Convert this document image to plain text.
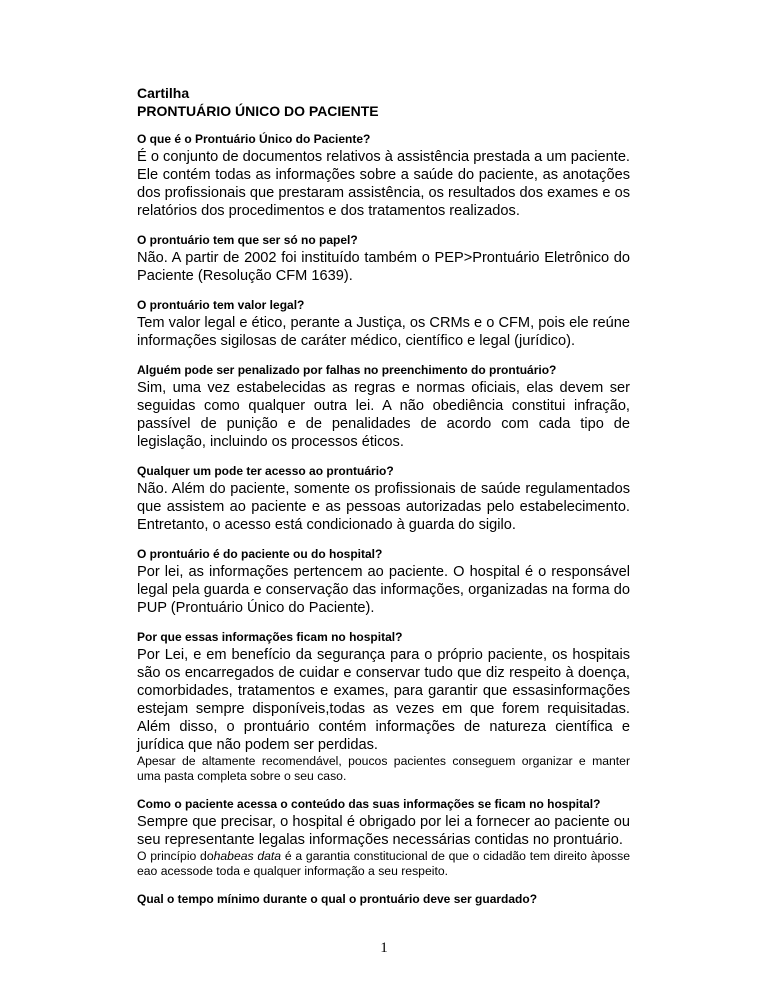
Cartilha
PRONTUÁRIO ÚNICO DO PACIENTE

O que é o Prontuário Único do Paciente?

É o conjunto de documentos relativos à assistência prestada a um paciente. Ele contém todas as informações sobre a saúde do paciente, as anotações dos profissionais que prestaram assistência, os resultados dos exames e os relatórios dos procedimentos e dos tratamentos realizados.

O prontuário tem que ser só no papel?

Não. A partir de 2002 foi instituído também o PEP>Prontuário Eletrônico do Paciente (Resolução CFM 1639).

O prontuário tem valor legal?

Tem valor legal e ético, perante a Justiça, os CRMs e o CFM, pois ele reúne informações sigilosas de caráter médico, científico e legal (jurídico).

Alguém pode ser penalizado por falhas no preenchimento do prontuário?

Sim, uma vez estabelecidas as regras e normas oficiais, elas devem ser seguidas como qualquer outra lei. A não obediência constitui infração, passível de punição e de penalidades de acordo com cada tipo de legislação, incluindo os processos éticos.

Qualquer um pode ter acesso ao prontuário?

Não. Além do paciente, somente os profissionais de saúde regulamentados que assistem ao paciente e as pessoas autorizadas pelo estabelecimento. Entretanto, o acesso está condicionado à guarda do sigilo.

O prontuário é do paciente ou do hospital?

Por lei, as informações pertencem ao paciente. O hospital é o responsável legal pela guarda e conservação das informações, organizadas na forma do PUP (Prontuário Único do Paciente).

Por que essas informações ficam no hospital?

Por Lei, e em benefício da segurança para o próprio paciente, os hospitais são os encarregados de cuidar e conservar tudo que diz respeito à doença, comorbidades, tratamentos e exames, para garantir que essasinformações estejam sempre disponíveis,todas as vezes em que forem requisitadas. Além disso, o prontuário contém informações de natureza científica e jurídica que não podem ser perdidas.

Apesar de altamente recomendável, poucos pacientes conseguem organizar e manter uma pasta completa sobre o seu caso.

Como o paciente acessa o conteúdo das suas informações se ficam no hospital?

Sempre que precisar, o hospital é obrigado por lei a fornecer ao paciente ou seu representante legalas informações necessárias contidas no prontuário.

O princípio dohabeas data é a garantia constitucional de que o cidadão tem direito àposse eao acessode toda e qualquer informação a seu respeito.

Qual o tempo mínimo durante o qual o prontuário deve ser guardado?

1
